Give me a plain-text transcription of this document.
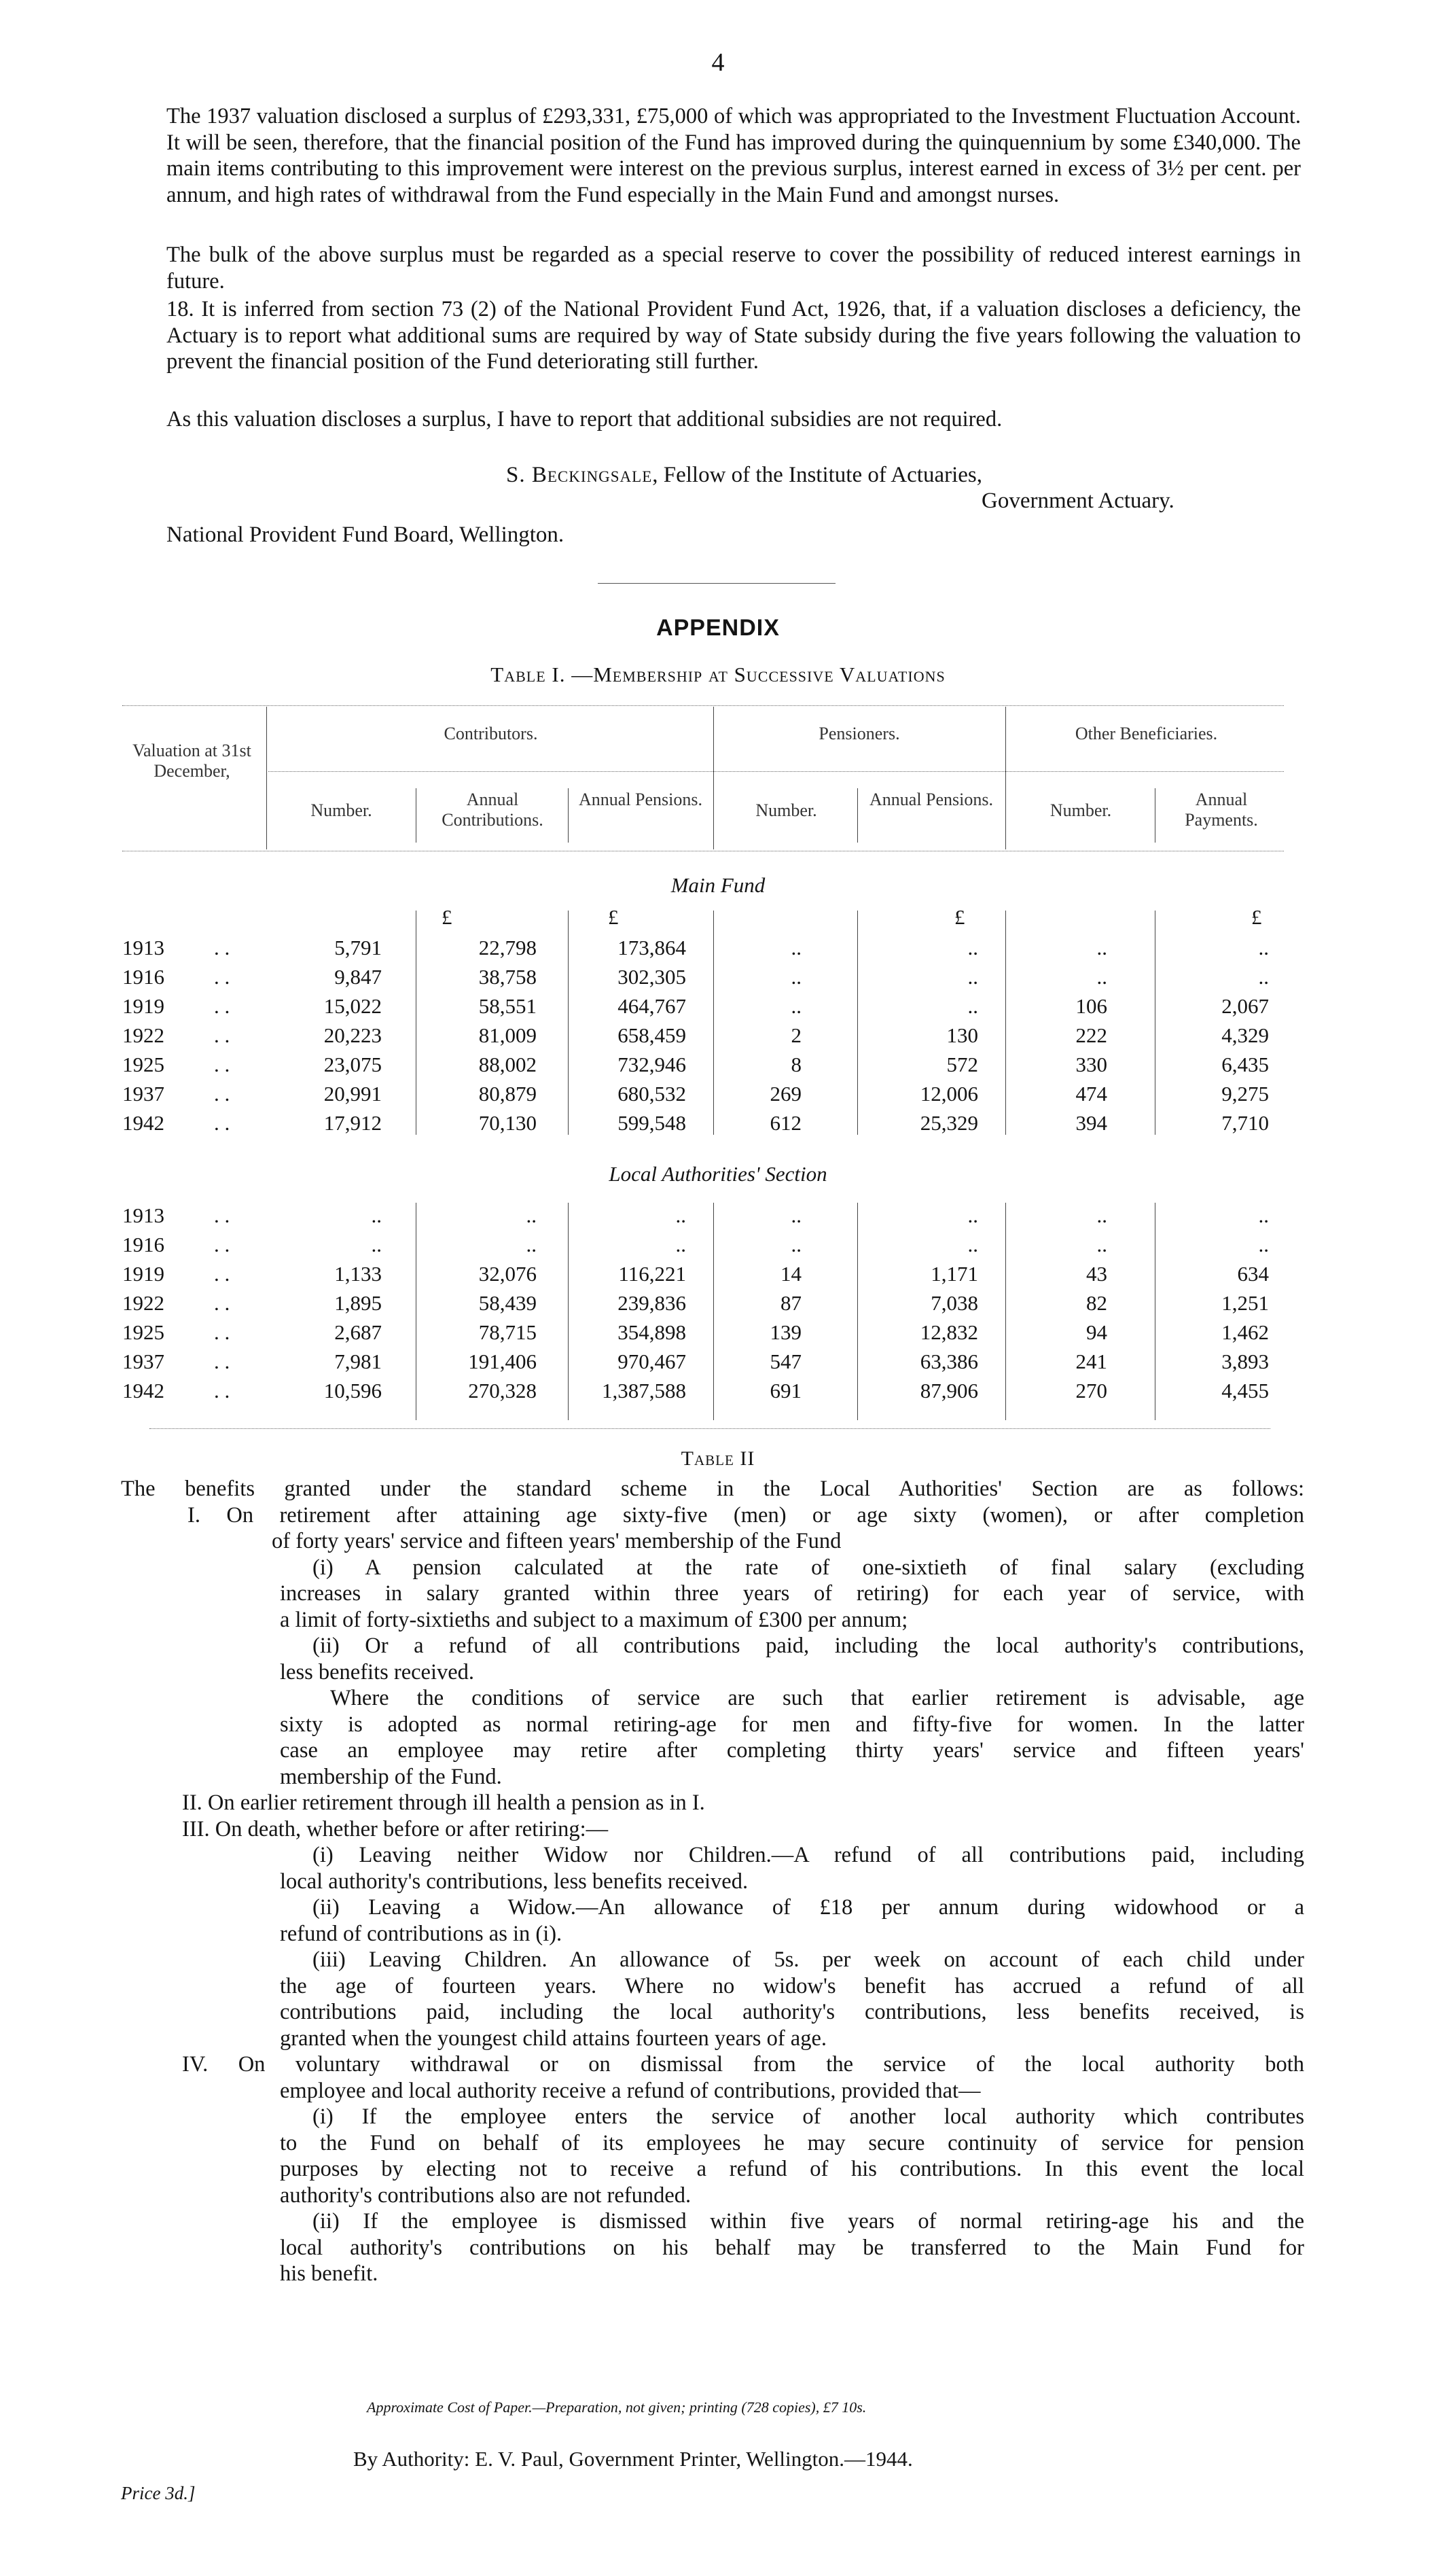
4

The 1937 valuation disclosed a surplus of £293,331, £75,000 of which was appropriated to the Investment Fluctuation Account. It will be seen, therefore, that the financial position of the Fund has improved during the quinquennium by some £340,000. The main items contributing to this improvement were interest on the previous surplus, interest earned in excess of 3½ per cent. per annum, and high rates of withdrawal from the Fund especially in the Main Fund and amongst nurses.

The bulk of the above surplus must be regarded as a special reserve to cover the possibility of reduced interest earnings in future.

18. It is inferred from section 73 (2) of the National Provident Fund Act, 1926, that, if a valuation discloses a deficiency, the Actuary is to report what additional sums are required by way of State subsidy during the five years following the valuation to prevent the financial position of the Fund deteriorating still further.

As this valuation discloses a surplus, I have to report that additional subsidies are not required.

S. Beckingsale, Fellow of the Institute of Actuaries,
Government Actuary.
National Provident Fund Board, Wellington.
APPENDIX
Table I. —Membership at Successive Valuations
Valuation at 31st December,
Contributors.	Pensioners.	Other Beneficiaries.
Number.
Annual Contributions.
Annual Pensions.
Number.
Annual Pensions.
Number.
Annual Payments.
Main Fund
£	£	£	£
1913 . .	5,791	22,798	173,864	..	..	..	..
1916 . .	9,847	38,758	302,305	..	..	..	..
1919 . .	15,022	58,551	464,767	..	..	106	2,067
1922 . .	20,223	81,009	658,459	2	130	222	4,329
1925 . .	23,075	88,002	732,946	8	572	330	6,435
1937 . .	20,991	80,879	680,532	269	12,006	474	9,275
1942 . .	17,912	70,130	599,548	612	25,329	394	7,710
Local Authorities' Section
1913 . .	..	..	..	..	..	..	..
1916 . .	..	..	..	..	..	..	..
1919 . .	1,133	32,076	116,221	14	1,171	43	634
1922 . .	1,895	58,439	239,836	87	7,038	82	1,251
1925 . .	2,687	78,715	354,898	139	12,832	94	1,462
1937 . .	7,981	191,406	970,467	547	63,386	241	3,893
1942 . .	10,596	270,328	1,387,588	691	87,906	270	4,455
Table II
The benefits granted under the standard scheme in the Local Authorities' Section are as follows:
I. On retirement after attaining age sixty-five (men) or age sixty (women), or after completion
of forty years' service and fifteen years' membership of the Fund
(i) A pension calculated at the rate of one-sixtieth of final salary (excluding
increases in salary granted within three years of retiring) for each year of service, with
a limit of forty-sixtieths and subject to a maximum of £300 per annum;
(ii) Or a refund of all contributions paid, including the local authority's contributions,
less benefits received.
Where the conditions of service are such that earlier retirement is advisable, age
sixty is adopted as normal retiring-age for men and fifty-five for women. In the latter
case an employee may retire after completing thirty years' service and fifteen years'
membership of the Fund.
II. On earlier retirement through ill health a pension as in I.
III. On death, whether before or after retiring:—
(i) Leaving neither Widow nor Children.—A refund of all contributions paid, including
local authority's contributions, less benefits received.
(ii) Leaving a Widow.—An allowance of £18 per annum during widowhood or a
refund of contributions as in (i).
(iii) Leaving Children. An allowance of 5s. per week on account of each child under
the age of fourteen years. Where no widow's benefit has accrued a refund of all
contributions paid, including the local authority's contributions, less benefits received, is
granted when the youngest child attains fourteen years of age.
IV. On voluntary withdrawal or on dismissal from the service of the local authority both
employee and local authority receive a refund of contributions, provided that—
(i) If the employee enters the service of another local authority which contributes
to the Fund on behalf of its employees he may secure continuity of service for pension
purposes by electing not to receive a refund of his contributions. In this event the local
authority's contributions also are not refunded.
(ii) If the employee is dismissed within five years of normal retiring-age his and the
local authority's contributions on his behalf may be transferred to the Main Fund for
his benefit.
Approximate Cost of Paper.—Preparation, not given; printing (728 copies), £7 10s.
By Authority: E. V. Paul, Government Printer, Wellington.—1944.
Price 3d.]
